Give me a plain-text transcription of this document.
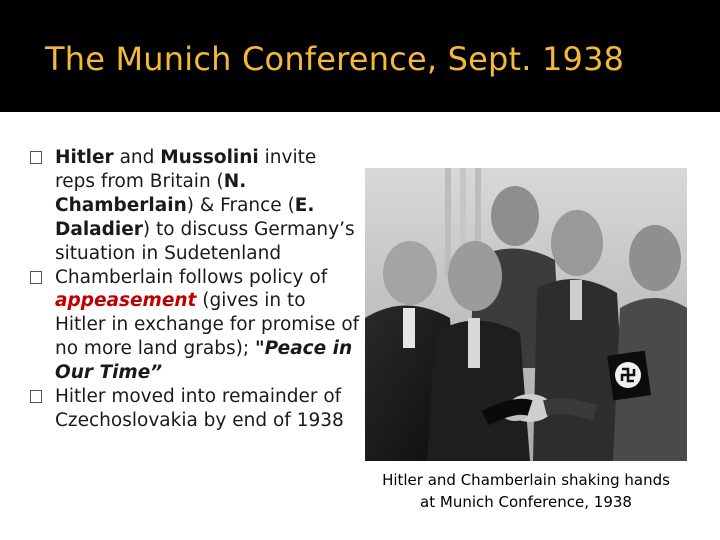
The Munich Conference, Sept. 1938
Hitler and Mussolini invite reps from Britain (N. Chamberlain) & France (E. Daladier) to discuss Germany’s situation in Sudetenland
Chamberlain follows policy of appeasement (gives in to Hitler in exchange for promise of no more land grabs); "Peace in Our Time”
Hitler moved into remainder of Czechoslovakia by end of 1938
Hitler and Chamberlain shaking hands
at Munich Conference, 1938
